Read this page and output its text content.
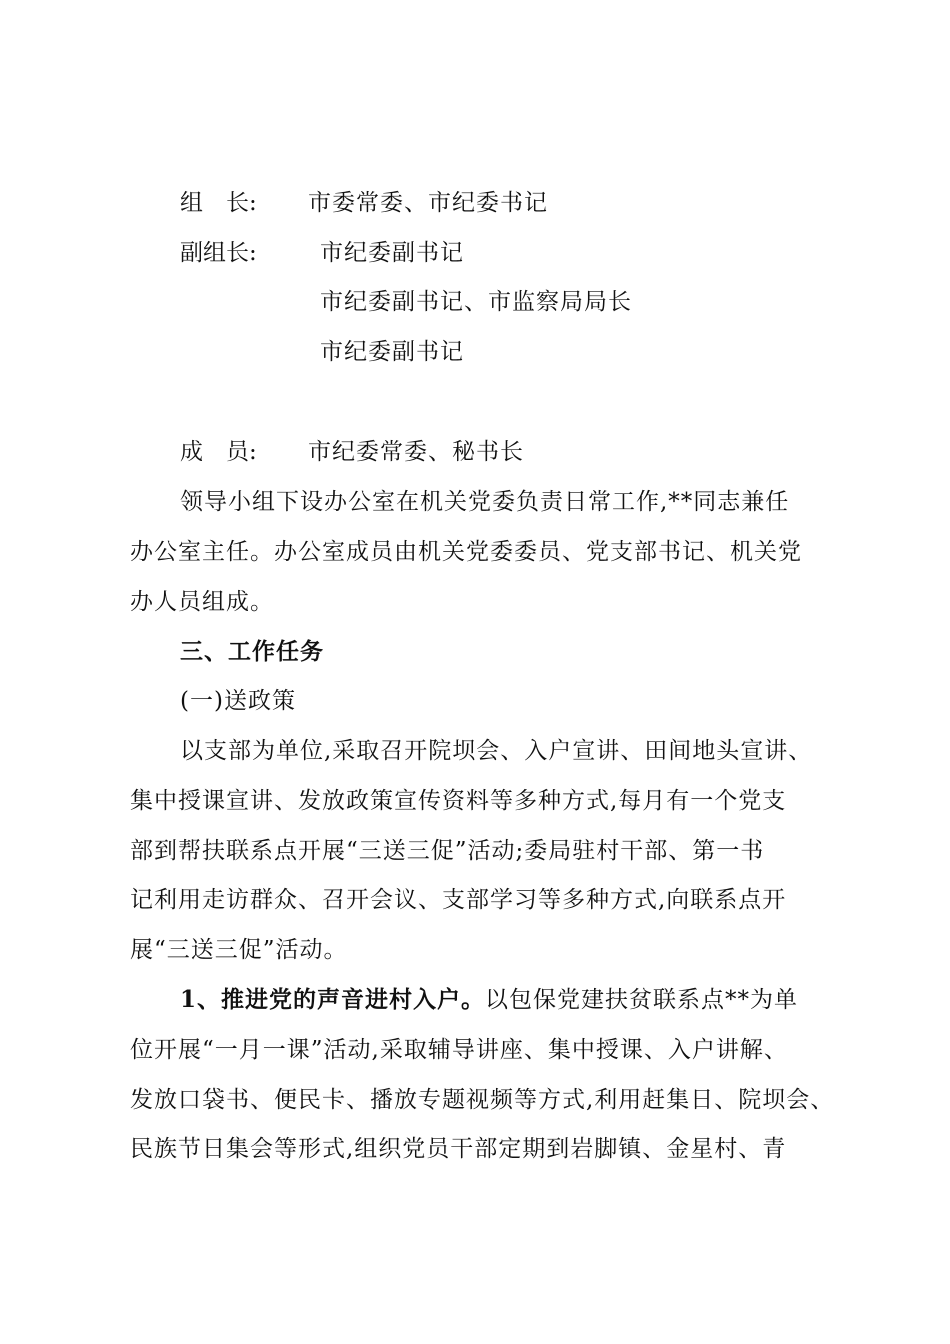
组　长: 市委常委、市纪委书记
副组长:	市纪委副书记
市纪委副书记、市监察局局长
市纪委副书记
成　员: 市纪委常委、秘书长
领导小组下设办公室在机关党委负责日常工作,**同志兼任
办公室主任。办公室成员由机关党委委员、党支部书记、机关党
办人员组成。
三、工作任务
(一)送政策
以支部为单位,采取召开院坝会、入户宣讲、田间地头宣讲、
集中授课宣讲、发放政策宣传资料等多种方式,每月有一个党支
部到帮扶联系点开展“三送三促”活动;委局驻村干部、第一书
记利用走访群众、召开会议、支部学习等多种方式,向联系点开
展“三送三促”活动。
1、推进党的声音进村入户。以包保党建扶贫联系点**为单
位开展“一月一课”活动,采取辅导讲座、集中授课、入户讲解、
发放口袋书、便民卡、播放专题视频等方式,利用赶集日、院坝会、
民族节日集会等形式,组织党员干部定期到岩脚镇、金星村、青
